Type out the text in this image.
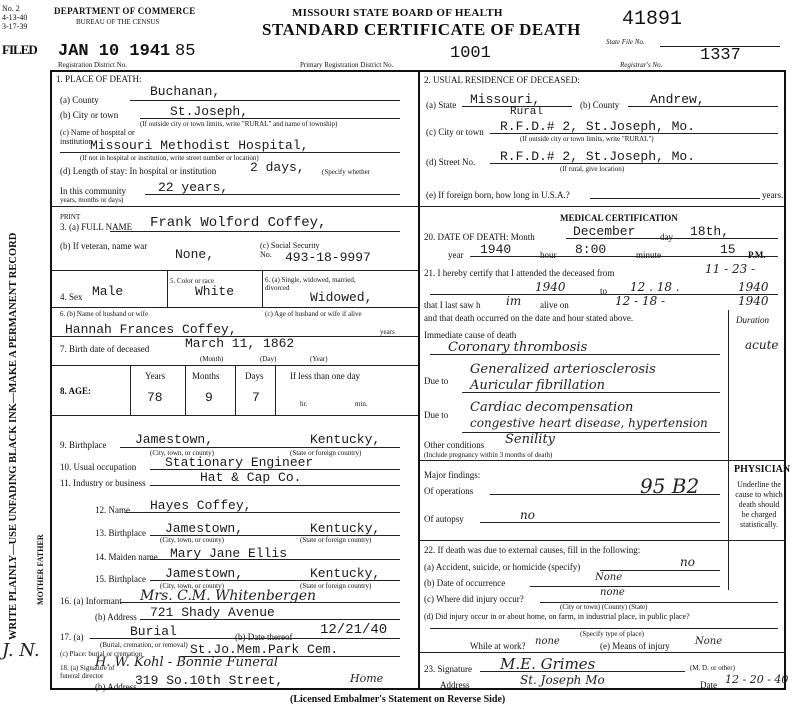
No. 2
4-13-40
3-17-39
FILED
DEPARTMENT OF COMMERCE
BUREAU OF THE CENSUS
MISSOURI STATE BOARD OF HEALTH
STANDARD CERTIFICATE OF DEATH 41891
State File No.
JAN 10 1941 85
Registration District No.	Primary Registration District No.
1001
Registrar's No. 1337
WRITE PLAINLY—USE UNFADING BLACK INK—MAKE A PERMANENT RECORD MOTHER FATHER
J. N.
1. PLACE OF DEATH:
(a) County
Buchanan,
(b) City or town	St.Joseph,
(If outside city or town limits, write "RURAL" and name of township)
(c) Name of hospital or institution
Missouri Methodist Hospital,
(If not in hospital or institution, write street number or location)
(d) Length of stay: In hospital or institution	2 days, (Specify whether
In this community 22 years,
years, months or days)
PRINT
3. (a) FULL NAME Frank Wolford Coffey,
(b) If veteran, name war
None,
(c) Social Security No.	493-18-9997
4. Sex Male
5. Color or race
White
6. (a) Single, widowed, married, divorced
Widowed,
6. (b) Name of husband or wife
Hannah Frances Coffey,
(c) Age of husband or wife if alive
years
7. Birth date of deceased	March 11, 1862
(Month)	(Day)	(Year)
8. AGE:
Years	Months	Days
78	9	7
If less than one day
hr.	min.
9. Birthplace Jamestown,	Kentucky,
(City, town, or county)	(State or foreign country)
10. Usual occupation Stationary Engineer
11. Industry or business	Hat & Cap Co.
12. Name Hayes Coffey,
13. Birthplace Jamestown,	Kentucky,
(City, town, or county)	(State or foreign country)
14. Maiden name Mary Jane Ellis
15. Birthplace Jamestown,	Kentucky,
(City, town, or county)	(State or foreign country)
16. (a) Informant Mrs. C.M. Whitenbergen
(b) Address 721 Shady Avenue
17. (a)	Burial
(Burial, cremation, or removal)
(b) Date thereof 12/21/40
(c) Place: burial or cremation	St.Jo.Mem.Park Cem.
18. (a) Signature of funeral director
H. W. Kohl - Bonnie Funeral
(b) Address
319 So.10th Street,	Home
2. USUAL RESIDENCE OF DECEASED:
(a) State Missouri,	(b) County Andrew,
Rural
(c) City or town R.F.D.# 2, St.Joseph, Mo.
(If outside city or town limits, write "RURAL")
(d) Street No. R.F.D.# 2, St.Joseph, Mo.
(If rural, give location)
(e) If foreign born, how long in U.S.A.?	years.
MEDICAL CERTIFICATION
20. DATE OF DEATH: Month	December	day 18th,
year 1940	hour 8:00	minute	15 P.M.
21. I hereby certify that I attended the deceased from	11 - 23 -
1940	to 12 . 18 .	1940
that I last saw h im alive on	12 - 18 -	1940
and that death occurred on the date and hour stated above.	Duration
Immediate cause of death
Coronary thrombosis	acute
Due to
Generalized arteriosclerosis
Auricular fibrillation
Due to Cardiac decompensation
congestive heart disease, hypertension
Other conditions Senility
(Include pregnancy within 3 months of death)
Major findings:
Of operations	95 B2
Of autopsy	no
PHYSICIAN
Underline the cause to which death should be charged statistically.
22. If death was due to external causes, fill in the following:
(a) Accident, suicide, or homicide (specify)	no
(b) Date of occurrence	None
(c) Where did injury occur?
none
(City or town) (County) (State)
(d) Did injury occur in or about home, on farm, in industrial place, in public place?
(Specify type of place)
While at work? none	(e) Means of injury	None
23. Signature M.E. Grimes	(M. D. or other)
Address	St. Joseph Mo	Date 12 - 20 - 40
(Licensed Embalmer's Statement on Reverse Side)
